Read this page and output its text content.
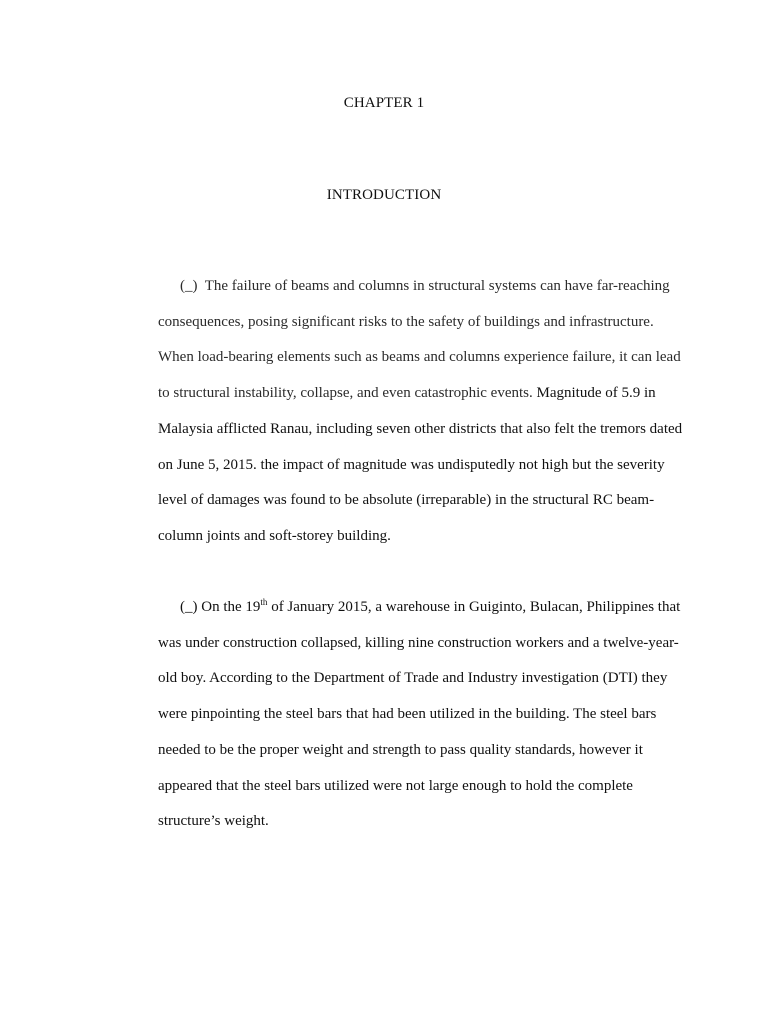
CHAPTER 1
INTRODUCTION

(_) The failure of beams and columns in structural systems can have far-reaching consequences, posing significant risks to the safety of buildings and infrastructure. When load-bearing elements such as beams and columns experience failure, it can lead to structural instability, collapse, and even catastrophic events. Magnitude of 5.9 in Malaysia afflicted Ranau, including seven other districts that also felt the tremors dated on June 5, 2015. the impact of magnitude was undisputedly not high but the severity level of damages was found to be absolute (irreparable) in the structural RC beam-column joints and soft-storey building.

(_) On the 19th of January 2015, a warehouse in Guiginto, Bulacan, Philippines that was under construction collapsed, killing nine construction workers and a twelve-year-old boy. According to the Department of Trade and Industry investigation (DTI) they were pinpointing the steel bars that had been utilized in the building. The steel bars needed to be the proper weight and strength to pass quality standards, however it appeared that the steel bars utilized were not large enough to hold the complete structure’s weight.
